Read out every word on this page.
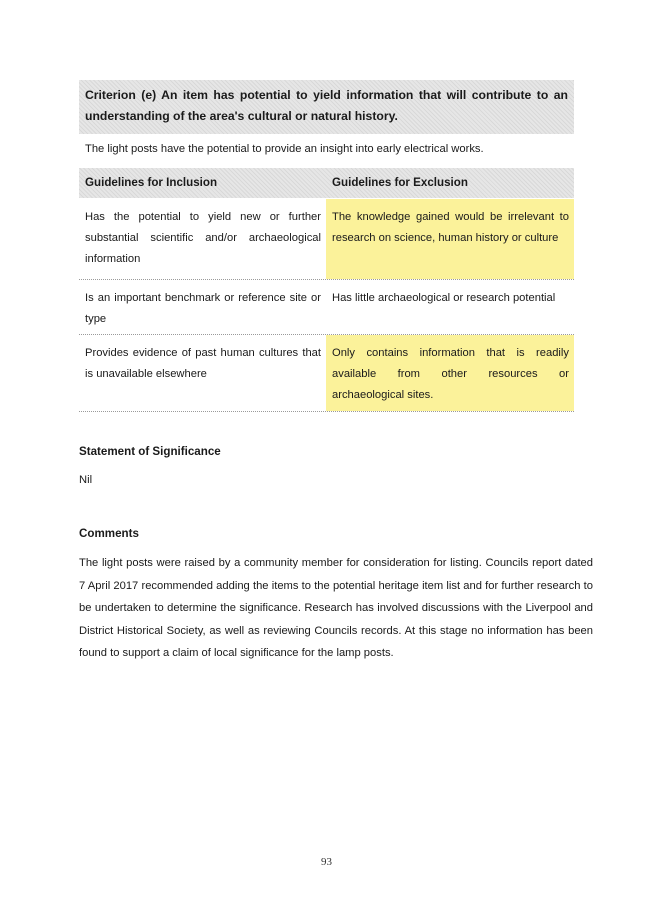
Criterion (e) An item has potential to yield information that will contribute to an understanding of the area's cultural or natural history.
The light posts have the potential to provide an insight into early electrical works.
Guidelines for Inclusion	Guidelines for Exclusion
Has the potential to yield new or further substantial scientific and/or archaeological information
The knowledge gained would be irrelevant to research on science, human history or culture
Is an important benchmark or reference site or type
Has little archaeological or research potential
Provides evidence of past human cultures that is unavailable elsewhere
Only contains information that is readily available from other resources or archaeological sites.
Statement of Significance
Nil
Comments
The light posts were raised by a community member for consideration for listing. Councils report dated 7 April 2017 recommended adding the items to the potential heritage item list and for further research to be undertaken to determine the significance. Research has involved discussions with the Liverpool and District Historical Society, as well as reviewing Councils records. At this stage no information has been found to support a claim of local significance for the lamp posts.
93
